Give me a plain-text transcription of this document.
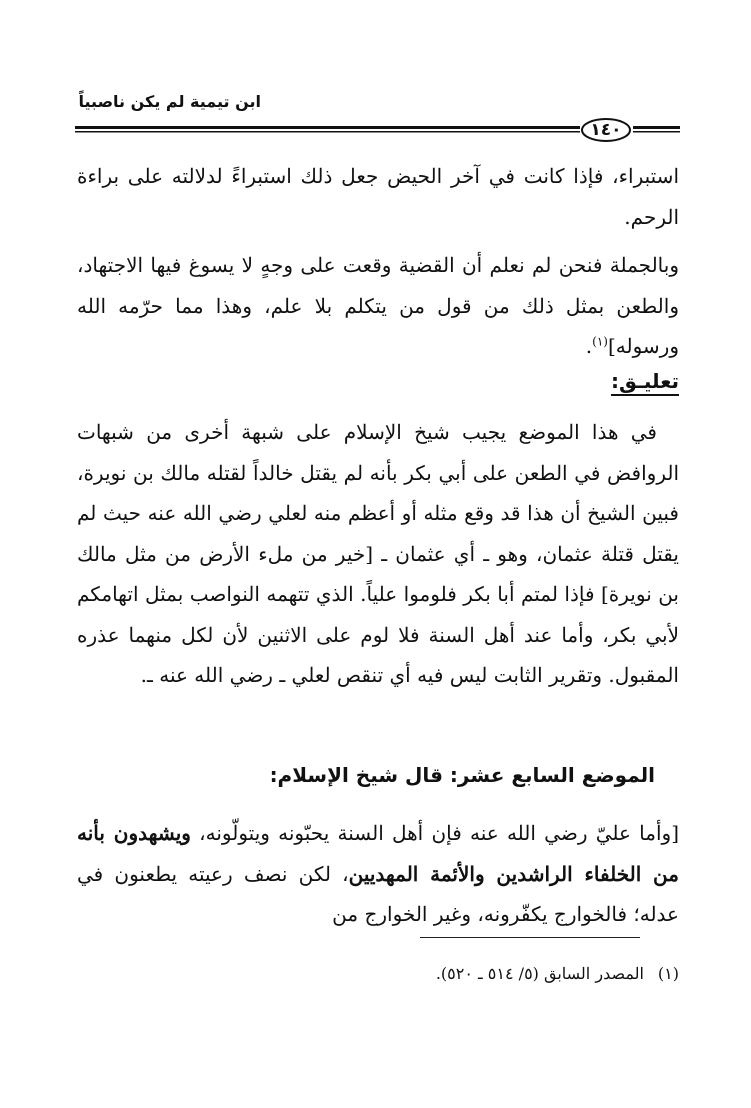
ابن تيمية لم يكن ناصبياً
١٤٠
استبراء، فإذا كانت في آخر الحيض جعل ذلك استبراءً لدلالته على براءة الرحم.
وبالجملة فنحن لم نعلم أن القضية وقعت على وجهٍ لا يسوغ فيها الاجتهاد، والطعن بمثل ذلك من قول من يتكلم بلا علم، وهذا مما حرّمه الله ورسوله]$^{(١)}$.
تعليـق:
في هذا الموضع يجيب شيخ الإسلام على شبهة أخرى من شبهات الروافض في الطعن على أبي بكر بأنه لم يقتل خالداً لقتله مالك بن نويرة، فبين الشيخ أن هذا قد وقع مثله أو أعظم منه لعلي رضي الله عنه حيث لم يقتل قتلة عثمان، وهو ـ أي عثمان ـ [خير من ملء الأرض من مثل مالك بن نويرة] فإذا لمتم أبا بكر فلوموا علياً. الذي تتهمه النواصب بمثل اتهامكم لأبي بكر، وأما عند أهل السنة فلا لوم على الاثنين لأن لكل منهما عذره المقبول. وتقرير الثابت ليس فيه أي تنقص لعلي ـ رضي الله عنه ـ.
الموضع السابع عشر: قال شيخ الإسلام:
[وأما عليّ رضي الله عنه فإن أهل السنة يحبّونه ويتولّونه، ويشهدون بأنه من الخلفاء الراشدين والأئمة المهديين، لكن نصف رعيته يطعنون في عدله؛ فالخوارج يكفّرونه، وغير الخوارج من
(١)المصدر السابق (٥/ ٥١٤ ـ ٥٢٠).
